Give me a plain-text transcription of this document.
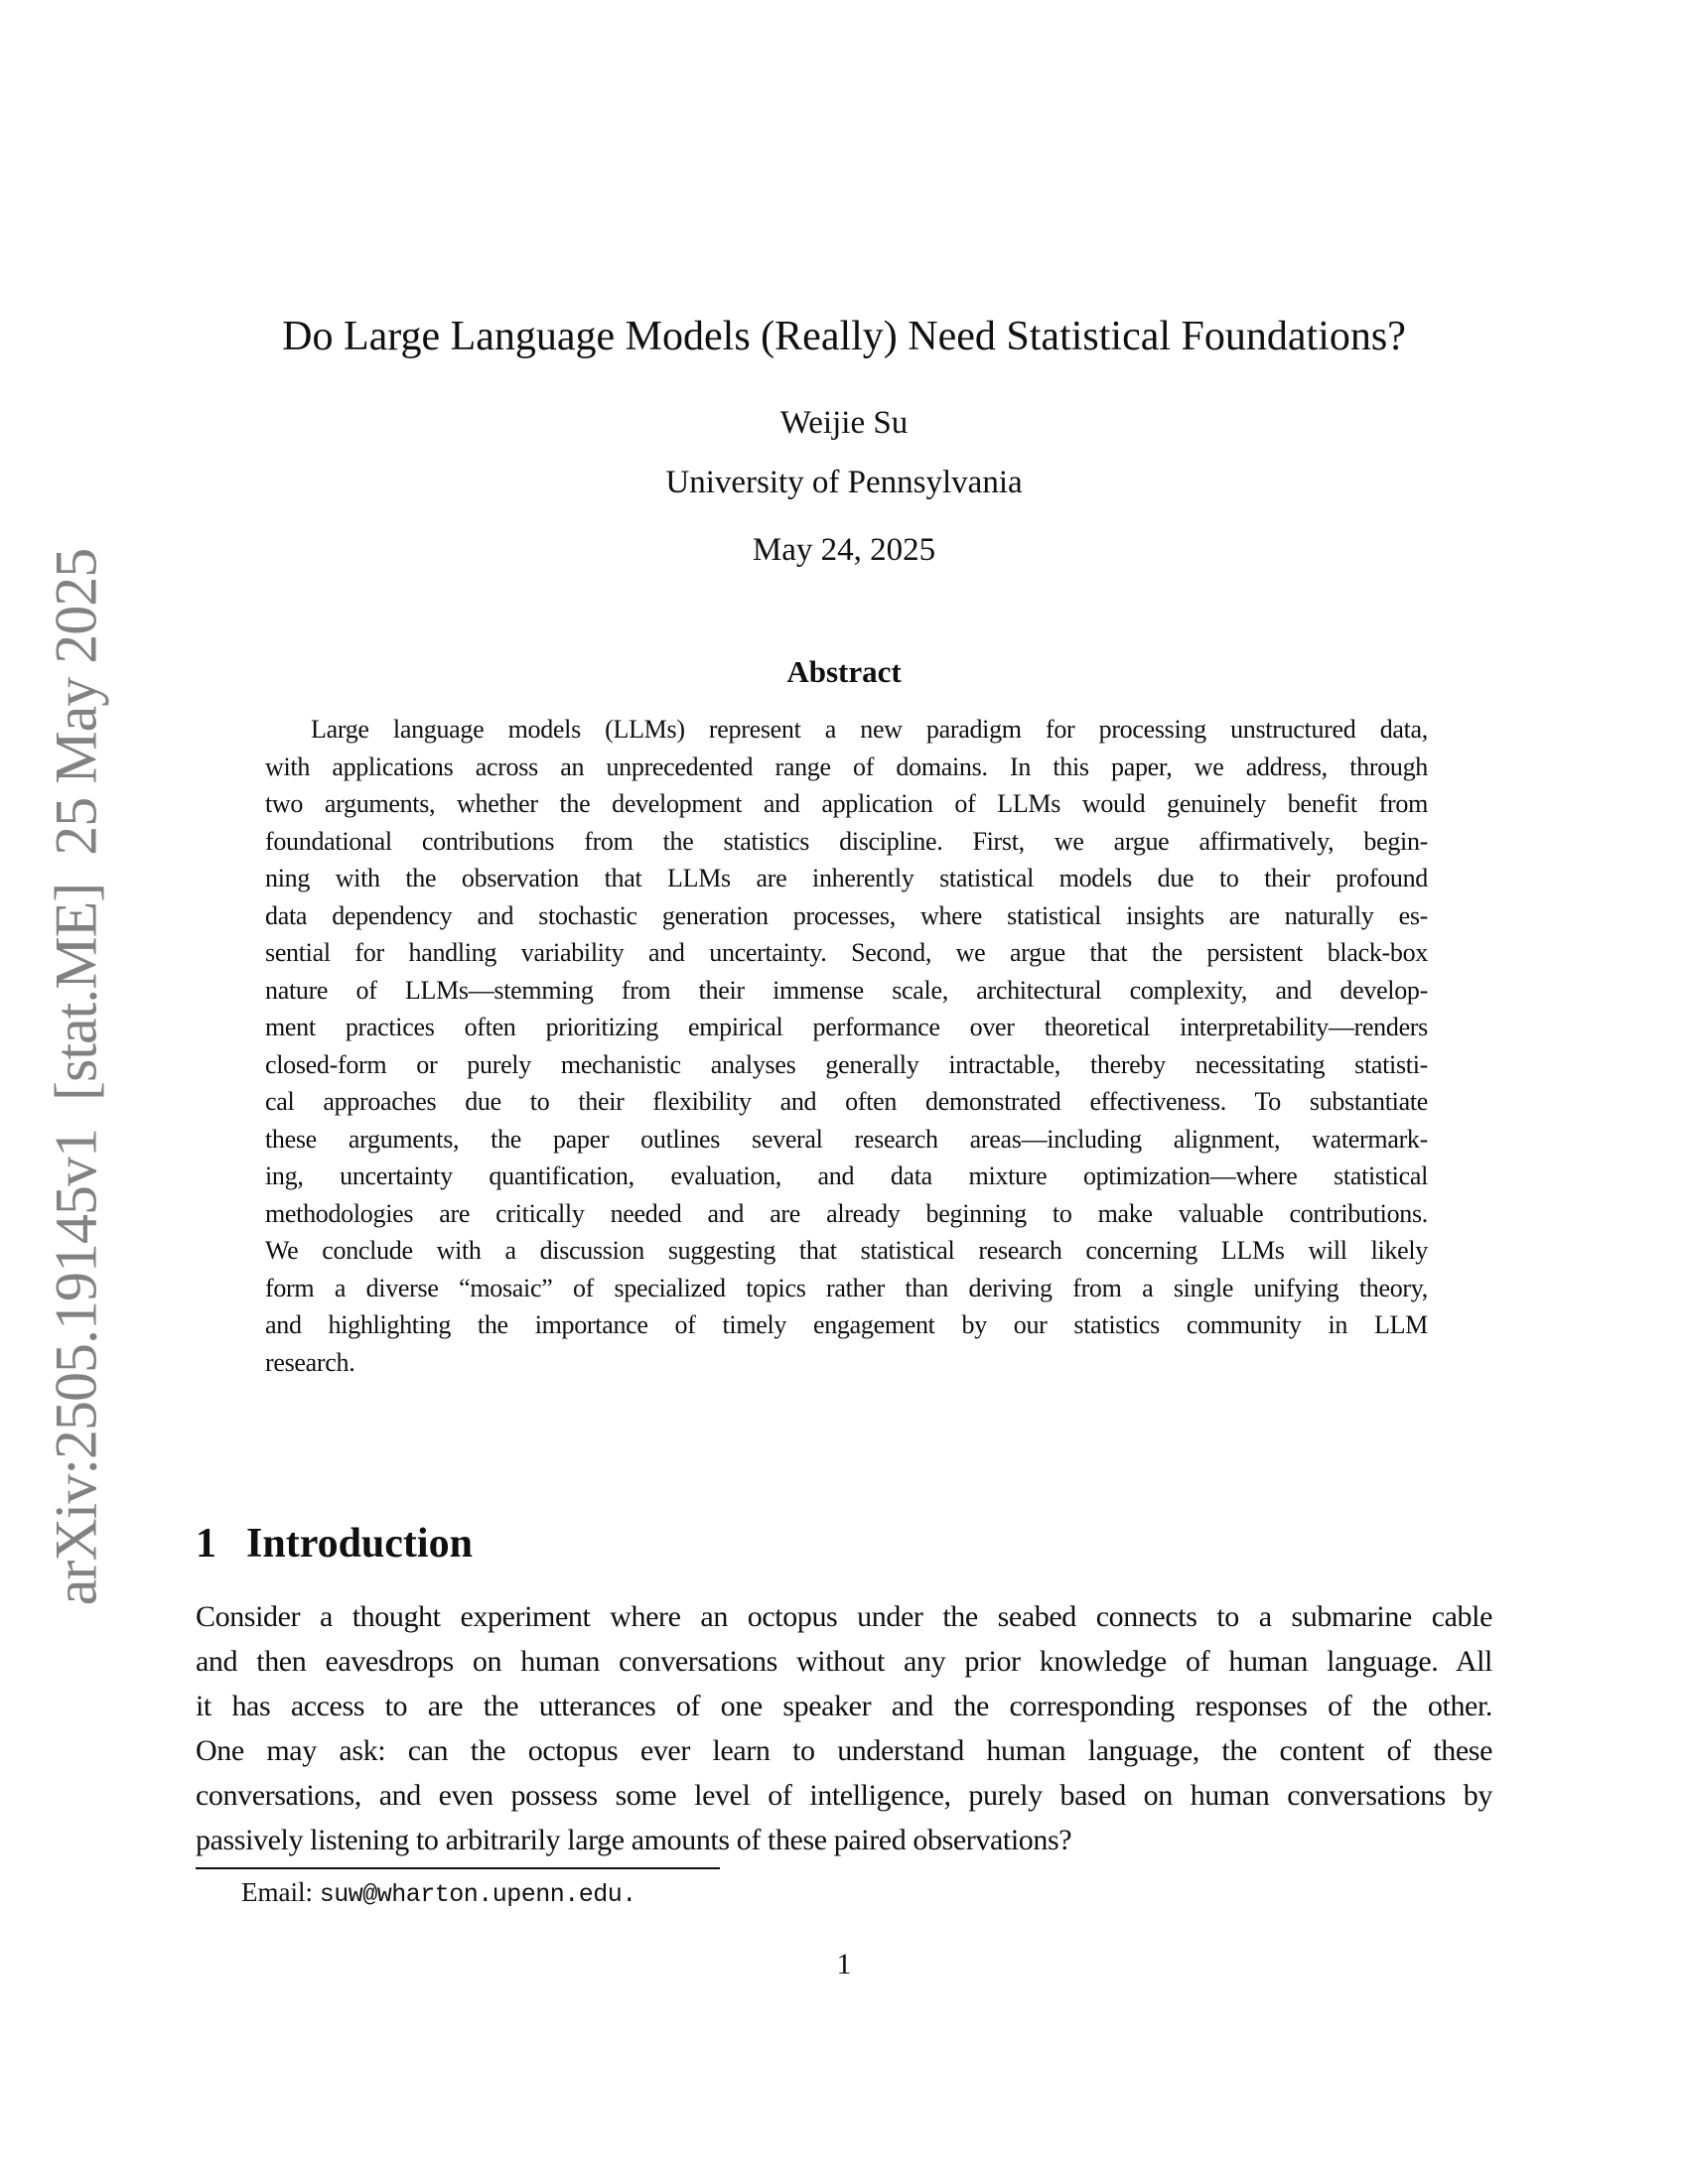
arXiv:2505.19145v1  [stat.ME]  25 May 2025
Do Large Language Models (Really) Need Statistical Foundations?
Weijie Su
University of Pennsylvania
May 24, 2025
Abstract
Large language models (LLMs) represent a new paradigm for processing unstructured data,
with applications across an unprecedented range of domains. In this paper, we address, through
two arguments, whether the development and application of LLMs would genuinely benefit from
foundational contributions from the statistics discipline. First, we argue affirmatively, begin-
ning with the observation that LLMs are inherently statistical models due to their profound
data dependency and stochastic generation processes, where statistical insights are naturally es-
sential for handling variability and uncertainty. Second, we argue that the persistent black-box
nature of LLMs—stemming from their immense scale, architectural complexity, and develop-
ment practices often prioritizing empirical performance over theoretical interpretability—renders
closed-form or purely mechanistic analyses generally intractable, thereby necessitating statisti-
cal approaches due to their flexibility and often demonstrated effectiveness. To substantiate
these arguments, the paper outlines several research areas—including alignment, watermark-
ing, uncertainty quantification, evaluation, and data mixture optimization—where statistical
methodologies are critically needed and are already beginning to make valuable contributions.
We conclude with a discussion suggesting that statistical research concerning LLMs will likely
form a diverse “mosaic” of specialized topics rather than deriving from a single unifying theory,
and highlighting the importance of timely engagement by our statistics community in LLM
research.
1 Introduction
Consider a thought experiment where an octopus under the seabed connects to a submarine cable
and then eavesdrops on human conversations without any prior knowledge of human language. All
it has access to are the utterances of one speaker and the corresponding responses of the other.
One may ask: can the octopus ever learn to understand human language, the content of these
conversations, and even possess some level of intelligence, purely based on human conversations by
passively listening to arbitrarily large amounts of these paired observations?
Email: suw@wharton.upenn.edu.
1
